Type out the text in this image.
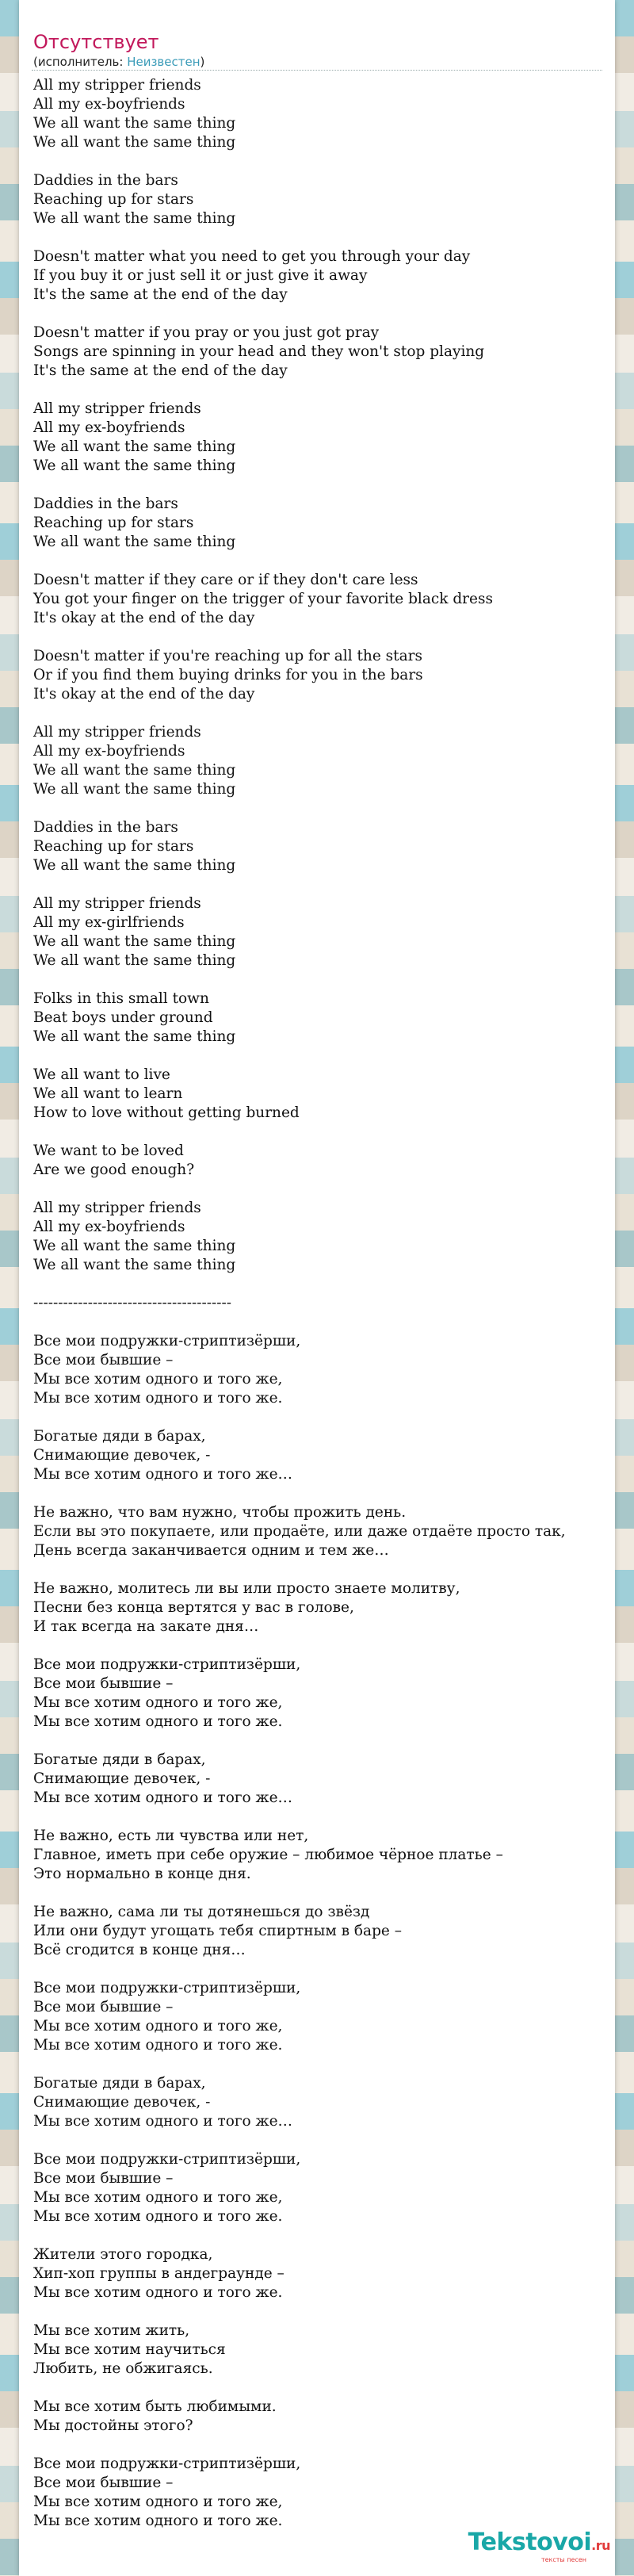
Отсутствует
(исполнитель: Неизвестен)
All my stripper friends
All my ex-boyfriends
We all want the same thing
We all want the same thing

Daddies in the bars
Reaching up for stars
We all want the same thing

Doesn't matter what you need to get you through your day
If you buy it or just sell it or just give it away
It's the same at the end of the day

Doesn't matter if you pray or you just got pray
Songs are spinning in your head and they won't stop playing
It's the same at the end of the day

All my stripper friends
All my ex-boyfriends
We all want the same thing
We all want the same thing

Daddies in the bars
Reaching up for stars
We all want the same thing

Doesn't matter if they care or if they don't care less
You got your finger on the trigger of your favorite black dress
It's okay at the end of the day

Doesn't matter if you're reaching up for all the stars
Or if you find them buying drinks for you in the bars
It's okay at the end of the day

All my stripper friends
All my ex-boyfriends
We all want the same thing
We all want the same thing

Daddies in the bars
Reaching up for stars
We all want the same thing

All my stripper friends
All my ex-girlfriends
We all want the same thing
We all want the same thing

Folks in this small town
Beat boys under ground
We all want the same thing

We all want to live
We all want to learn
How to love without getting burned

We want to be loved
Are we good enough?

All my stripper friends
All my ex-boyfriends
We all want the same thing
We all want the same thing

----------------------------------------

Все мои подружки-стриптизёрши,
Все мои бывшие –
Мы все хотим одного и того же,
Мы все хотим одного и того же.

Богатые дяди в барах,
Снимающие девочек, -
Мы все хотим одного и того же…

Не важно, что вам нужно, чтобы прожить день.
Если вы это покупаете, или продаёте, или даже отдаёте просто так,
День всегда заканчивается одним и тем же…

Не важно, молитесь ли вы или просто знаете молитву,
Песни без конца вертятся у вас в голове,
И так всегда на закате дня…

Все мои подружки-стриптизёрши,
Все мои бывшие –
Мы все хотим одного и того же,
Мы все хотим одного и того же.

Богатые дяди в барах,
Снимающие девочек, -
Мы все хотим одного и того же…

Не важно, есть ли чувства или нет,
Главное, иметь при себе оружие – любимое чёрное платье –
Это нормально в конце дня.

Не важно, сама ли ты дотянешься до звёзд
Или они будут угощать тебя спиртным в баре –
Всё сгодится в конце дня…

Все мои подружки-стриптизёрши,
Все мои бывшие –
Мы все хотим одного и того же,
Мы все хотим одного и того же.

Богатые дяди в барах,
Снимающие девочек, -
Мы все хотим одного и того же…

Все мои подружки-стриптизёрши,
Все мои бывшие –
Мы все хотим одного и того же,
Мы все хотим одного и того же.

Жители этого городка,
Хип-хоп группы в андеграунде –
Мы все хотим одного и того же.

Мы все хотим жить,
Мы все хотим научиться
Любить, не обжигаясь.

Мы все хотим быть любимыми.
Мы достойны этого?

Все мои подружки-стриптизёрши,
Все мои бывшие –
Мы все хотим одного и того же,
Мы все хотим одного и того же.
Tekstovoi.ru
тексты песен
